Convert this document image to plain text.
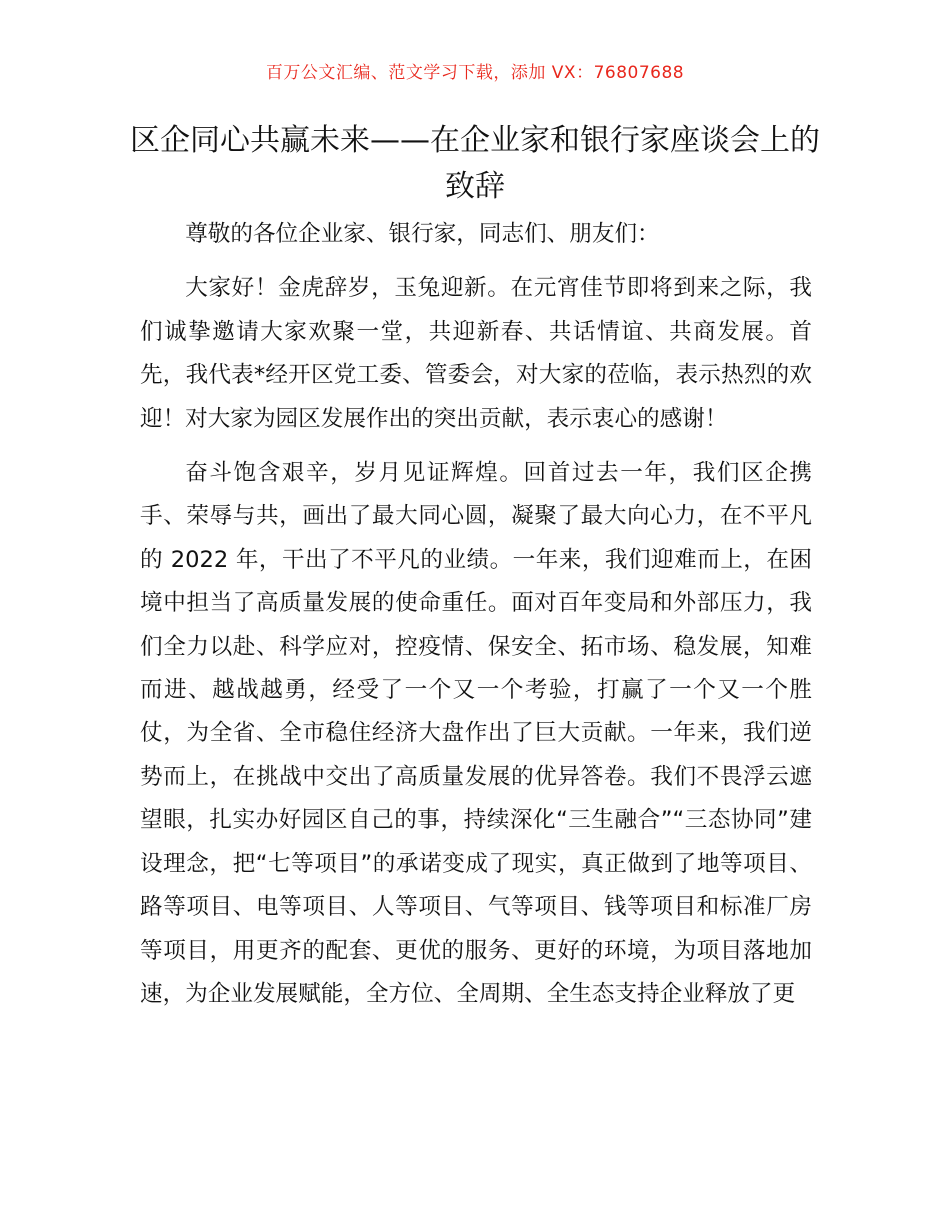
百万公文汇编、范文学习下载，添加 VX：76807688
区企同心共赢未来——在企业家和银行家座谈会上的致辞

尊敬的各位企业家、银行家，同志们、朋友们：

大家好！金虎辞岁，玉兔迎新。在元宵佳节即将到来之际，我们诚挚邀请大家欢聚一堂，共迎新春、共话情谊、共商发展。首先，我代表*经开区党工委、管委会，对大家的莅临，表示热烈的欢迎！对大家为园区发展作出的突出贡献，表示衷心的感谢！

奋斗饱含艰辛，岁月见证辉煌。回首过去一年，我们区企携手、荣辱与共，画出了最大同心圆，凝聚了最大向心力，在不平凡的 2022 年，干出了不平凡的业绩。一年来，我们迎难而上，在困境中担当了高质量发展的使命重任。面对百年变局和外部压力，我们全力以赴、科学应对，控疫情、保安全、拓市场、稳发展，知难而进、越战越勇，经受了一个又一个考验，打赢了一个又一个胜仗，为全省、全市稳住经济大盘作出了巨大贡献。一年来，我们逆势而上，在挑战中交出了高质量发展的优异答卷。我们不畏浮云遮望眼，扎实办好园区自己的事，持续深化“三生融合”“三态协同”建设理念，把“七等项目”的承诺变成了现实，真正做到了地等项目、路等项目、电等项目、人等项目、气等项目、钱等项目和标准厂房等项目，用更齐的配套、更优的服务、更好的环境，为项目落地加速，为企业发展赋能，全方位、全周期、全生态支持企业释放了更
